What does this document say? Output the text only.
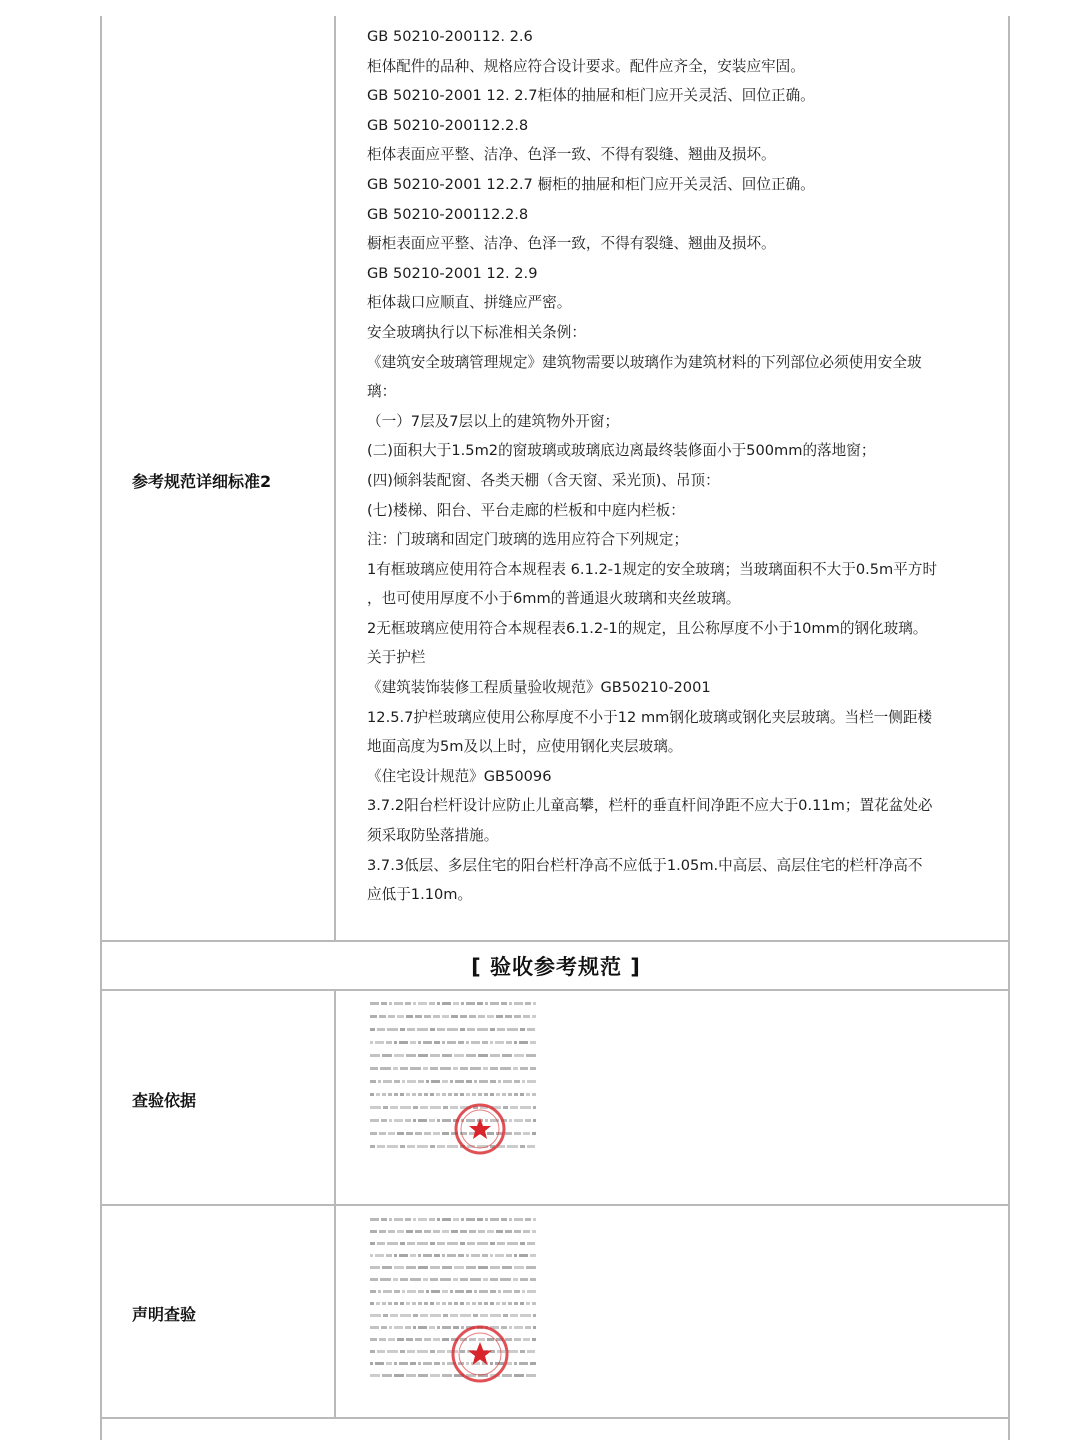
参考规范详细标准2
GB 50210-200112. 2.6
柜体配件的品种、规格应符合设计要求。配件应齐全，安装应牢固。
GB 50210-2001 12. 2.7柜体的抽屉和柜门应开关灵活、回位正确。
GB 50210-200112.2.8
柜体表面应平整、洁净、色泽一致、不得有裂缝、翘曲及损坏。
GB 50210-2001 12.2.7 橱柜的抽屉和柜门应开关灵活、回位正确。
GB 50210-200112.2.8
橱柜表面应平整、洁净、色泽一致，不得有裂缝、翘曲及损坏。
GB 50210-2001 12. 2.9
柜体裁口应顺直、拼缝应严密。
安全玻璃执行以下标准相关条例：
《建筑安全玻璃管理规定》建筑物需要以玻璃作为建筑材料的下列部位必须使用安全玻
璃：
（一）7层及7层以上的建筑物外开窗；
(二)面积大于1.5m2的窗玻璃或玻璃底边离最终装修面小于500mm的落地窗；
(四)倾斜装配窗、各类天棚（含天窗、采光顶)、吊顶：
(七)楼梯、阳台、平台走廊的栏板和中庭内栏板：
注：门玻璃和固定门玻璃的选用应符合下列规定；
1有框玻璃应使用符合本规程表 6.1.2-1规定的安全玻璃；当玻璃面积不大于0.5m平方时
，也可使用厚度不小于6mm的普通退火玻璃和夹丝玻璃。
2无框玻璃应使用符合本规程表6.1.2-1的规定，且公称厚度不小于10mm的钢化玻璃。
关于护栏
《建筑装饰装修工程质量验收规范》GB50210-2001
12.5.7护栏玻璃应使用公称厚度不小于12 mm钢化玻璃或钢化夹层玻璃。当栏一侧距楼
地面高度为5m及以上时，应使用钢化夹层玻璃。
《住宅设计规范》GB50096
3.7.2阳台栏杆设计应防止儿童高攀，栏杆的垂直杆间净距不应大于0.11m；置花盆处必
须采取防坠落措施。
3.7.3低层、多层住宅的阳台栏杆净高不应低于1.05m.中高层、高层住宅的栏杆净高不
应低于1.10m。
[ 验收参考规范 ]
查验依据
声明查验
